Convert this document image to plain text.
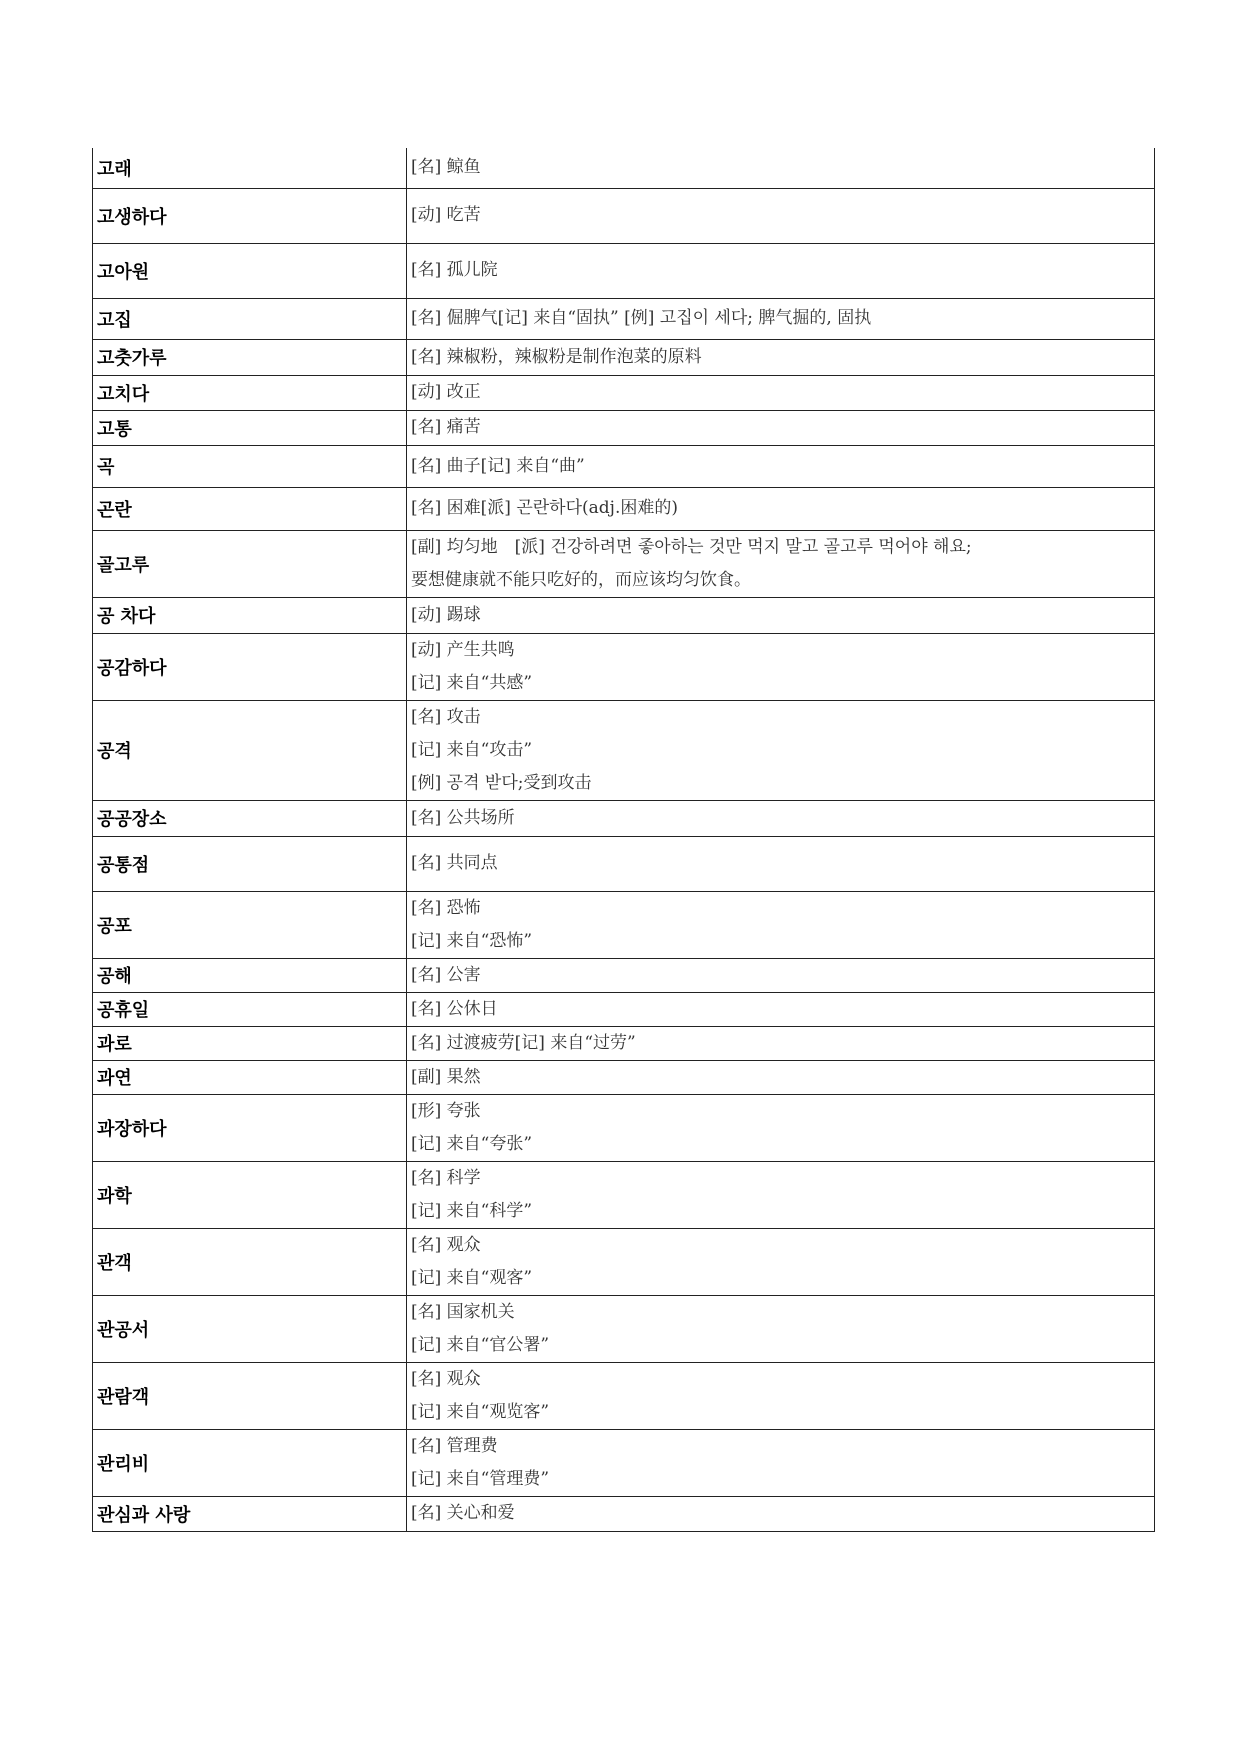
고래	[名] 鲸鱼

고생하다	[动] 吃苦

고아원	[名] 孤儿院

고집	[名] 倔脾气[记] 来自“固执” [例] 고집이 세다; 脾气掘的, 固执

고춧가루	[名] 辣椒粉，辣椒粉是制作泡菜的原料

고치다	[动] 改正

고통	[名] 痛苦

곡	[名] 曲子[记] 来自“曲”

곤란	[名] 困难[派] 곤란하다(adj.困难的)

골고루	[副] 均匀地　[派] 건강하려면 좋아하는 것만 먹지 말고 골고루 먹어야 해요;
要想健康就不能只吃好的，而应该均匀饮食。

공 차다	[动] 踢球

공감하다	[动] 产生共鸣
[记] 来自“共感”

공격	[名] 攻击
[记] 来自“攻击”
[例] 공격 받다;受到攻击

공공장소	[名] 公共场所

공통점	[名] 共同点

공포	[名] 恐怖
[记] 来自“恐怖”

공해	[名] 公害

공휴일	[名] 公休日

과로	[名] 过渡疲劳[记] 来自“过劳”

과연	[副] 果然

과장하다	[形] 夸张
[记] 来自“夸张”

과학	[名] 科学
[记] 来自“科学”

관객	[名] 观众
[记] 来自“观客”

관공서	[名] 国家机关
[记] 来自“官公署”

관람객	[名] 观众
[记] 来自“观览客”

관리비	[名] 管理费
[记] 来自“管理费”

관심과 사랑	[名] 关心和爱
